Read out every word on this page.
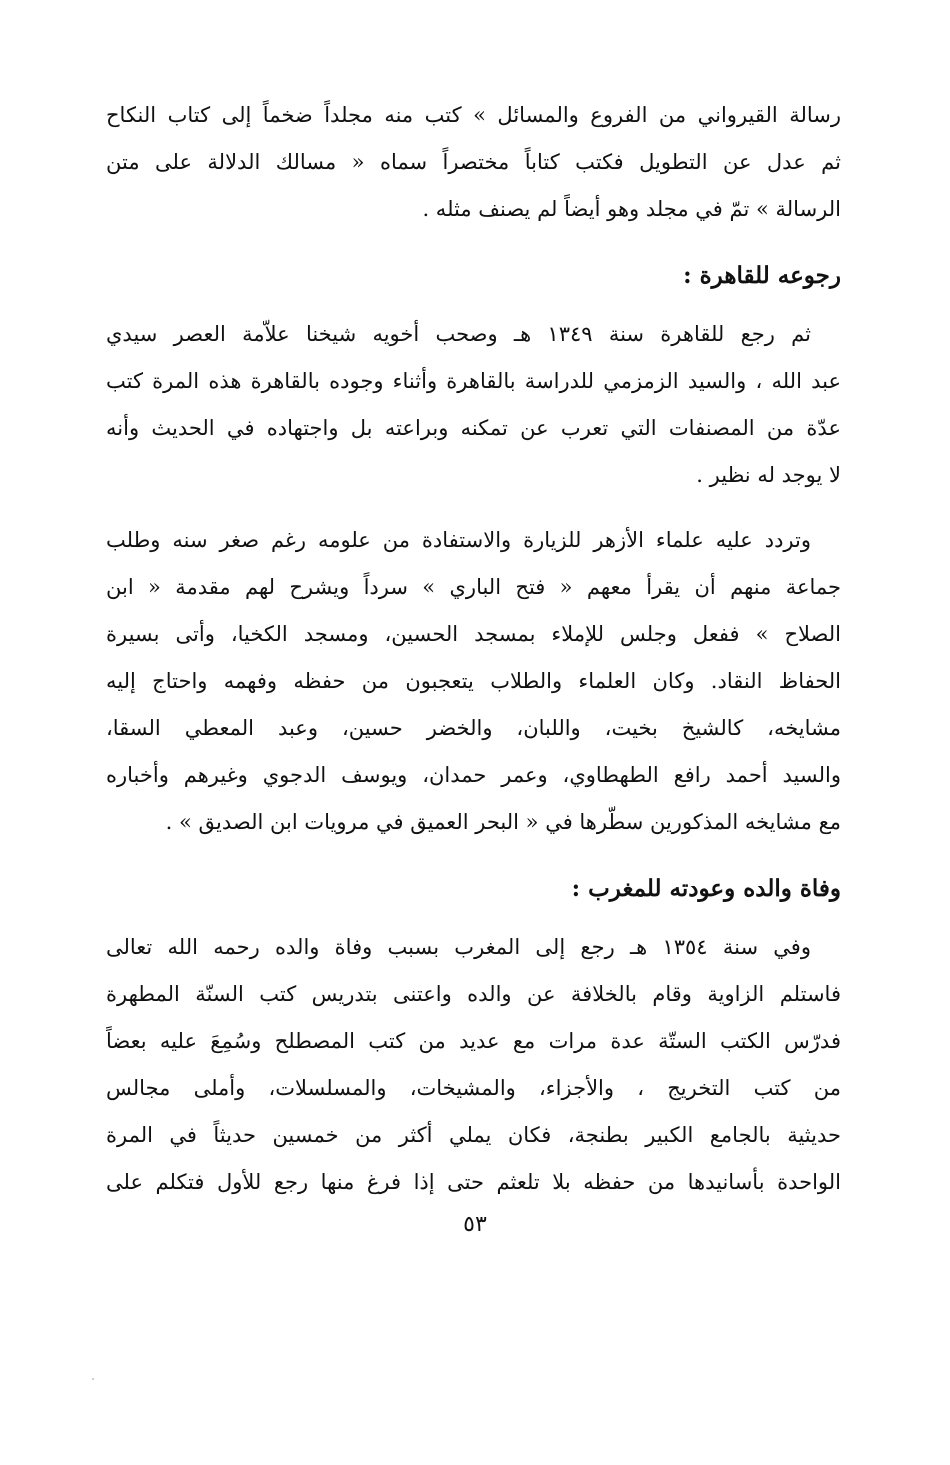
رسالة القيرواني من الفروع والمسائل » كتب منه مجلداً ضخماً إلى كتاب النكاح
ثم عدل عن التطويل فكتب كتاباً مختصراً سماه « مسالك الدلالة على متن
الرسالة » تمّ في مجلد وهو أيضاً لم يصنف مثله .
رجوعه للقاهرة :
ثم رجع للقاهرة سنة ١٣٤٩ هـ وصحب أخويه شيخنا علاّمة العصر سيدي
عبد الله ، والسيد الزمزمي للدراسة بالقاهرة وأثناء وجوده بالقاهرة هذه المرة كتب
عدّة من المصنفات التي تعرب عن تمكنه وبراعته بل واجتهاده في الحديث وأنه
لا يوجد له نظير .
وتردد عليه علماء الأزهر للزيارة والاستفادة من علومه رغم صغر سنه وطلب
جماعة منهم أن يقرأ معهم « فتح الباري » سرداً ويشرح لهم مقدمة « ابن
الصلاح » ففعل وجلس للإملاء بمسجد الحسين، ومسجد الكخيا، وأتى بسيرة
الحفاظ النقاد. وكان العلماء والطلاب يتعجبون من حفظه وفهمه واحتاج إليه
مشايخه، كالشيخ بخيت، واللبان، والخضر حسين، وعبد المعطي السقا،
والسيد أحمد رافع الطهطاوي، وعمر حمدان، ويوسف الدجوي وغيرهم وأخباره
مع مشايخه المذكورين سطّرها في « البحر العميق في مرويات ابن الصديق » .
وفاة والده وعودته للمغرب :
وفي سنة ١٣٥٤ هـ رجع إلى المغرب بسبب وفاة والده رحمه الله تعالى
فاستلم الزاوية وقام بالخلافة عن والده واعتنى بتدريس كتب السنّة المطهرة
فدرّس الكتب الستّة عدة مرات مع عديد من كتب المصطلح وسُمِعَ عليه بعضاً
من كتب التخريج ، والأجزاء، والمشيخات، والمسلسلات، وأملى مجالس
حديثية بالجامع الكبير بطنجة، فكان يملي أكثر من خمسين حديثاً في المرة
الواحدة بأسانيدها من حفظه بلا تلعثم حتى إذا فرغ منها رجع للأول فتكلم على
٥٣
